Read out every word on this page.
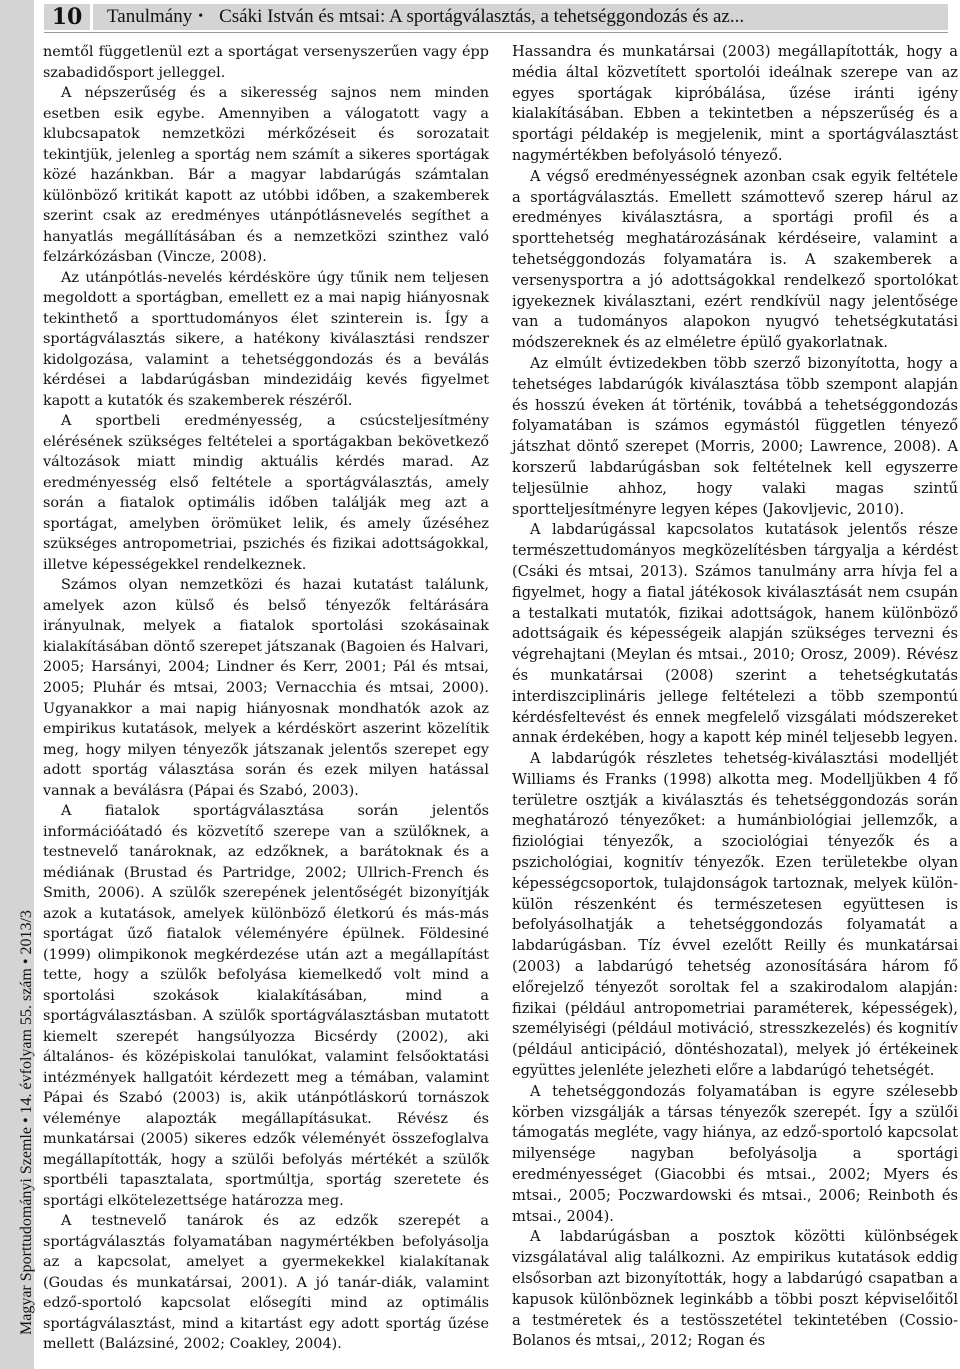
Magyar Sporttudományi Szemle • 14. évfolyam 55. szám • 2013/3
10	Tanulmány • Csáki István és mtsai: A sportágválasztás, a tehetséggondozás és az...

nemtől függetlenül ezt a sportágat versenyszerűen vagy épp szabadidősport jelleggel.

A népszerűség és a sikeresség sajnos nem minden esetben esik egybe. Amennyiben a válogatott vagy a klubcsapatok nemzetközi mérkőzéseit és sorozatait tekintjük, jelenleg a sportág nem számít a sikeres sportágak közé hazánkban. Bár a magyar labdarúgás számtalan különböző kritikát kapott az utóbbi időben, a szakemberek szerint csak az eredményes utánpótlásnevelés segíthet a hanyatlás megállításában és a nemzetközi szinthez való felzárkózásban (Vincze, 2008).

Az utánpótlás-nevelés kérdésköre úgy tűnik nem teljesen megoldott a sportágban, emellett ez a mai napig hiányosnak tekinthető a sporttudományos élet szinterein is. Így a sportágválasztás sikere, a hatékony kiválasztási rendszer kidolgozása, valamint a tehetséggondozás és a beválás kérdései a labdarúgásban mindezidáig kevés figyelmet kapott a kutatók és szakemberek részéről.

A sportbeli eredményesség, a csúcsteljesítmény elérésének szükséges feltételei a sportágakban bekövetkező változások miatt mindig aktuális kérdés marad. Az eredményesség első feltétele a sportágválasztás, amely során a fiatalok optimális időben találják meg azt a sportágat, amelyben örömüket lelik, és amely űzéséhez szükséges antropometriai, pszichés és fizikai adottságokkal, illetve képességekkel rendelkeznek.

Számos olyan nemzetközi és hazai kutatást találunk, amelyek azon külső és belső tényezők feltárására irányulnak, melyek a fiatalok sportolási szokásainak kialakításában döntő szerepet játszanak (Bagoien és Halvari, 2005; Harsányi, 2004; Lindner és Kerr, 2001; Pál és mtsai, 2005; Pluhár és mtsai, 2003; Vernacchia és mtsai, 2000). Ugyanakkor a mai napig hiányosnak mondhatók azok az empirikus kutatások, melyek a kérdéskört aszerint közelítik meg, hogy milyen tényezők játszanak jelentős szerepet egy adott sportág választása során és ezek milyen hatással vannak a beválásra (Pápai és Szabó, 2003).

A fiatalok sportágválasztása során jelentős információátadó és közvetítő szerepe van a szülőknek, a testnevelő tanároknak, az edzőknek, a barátoknak és a médiának (Brustad és Partridge, 2002; Ullrich-French és Smith, 2006). A szülők szerepének jelentőségét bizonyítják azok a kutatások, amelyek különböző életkorú és más-más sportágat űző fiatalok véleményére épülnek. Földesiné (1999) olimpikonok megkérdezése után azt a megállapítást tette, hogy a szülők befolyása kiemelkedő volt mind a sportolási szokások kialakításában, mind a sportágválasztásban. A szülők sportágválasztásban mutatott kiemelt szerepét hangsúlyozza Bicsérdy (2002), aki általános- és középiskolai tanulókat, valamint felsőoktatási intézmények hallgatóit kérdezett meg a témában, valamint Pápai és Szabó (2003) is, akik utánpótláskorú tornászok véleménye alapozták megállapításukat. Révész és munkatársai (2005) sikeres edzők véleményét összefoglalva megállapították, hogy a szülői befolyás mértékét a szülők sportbéli tapasztalata, sportmúltja, sportág szeretete és sportági elkötelezettsége határozza meg.

A testnevelő tanárok és az edzők szerepét a sportágválasztás folyamatában nagymértékben befolyásolja az a kapcsolat, amelyet a gyermekekkel kialakítanak (Goudas és munkatársai, 2001). A jó tanár-diák, valamint edző-sportoló kapcsolat elősegíti mind az optimális sportágválasztást, mind a kitartást egy adott sportág űzése mellett (Balázsiné, 2002; Coakley, 2004).

Hassandra és munkatársai (2003) megállapították, hogy a média által közvetített sportolói ideálnak szerepe van az egyes sportágak kipróbálása, űzése iránti igény kialakításában. Ebben a tekintetben a népszerűség és a sportági példakép is megjelenik, mint a sportágválasztást nagymértékben befolyásoló tényező.

A végső eredményességnek azonban csak egyik feltétele a sportágválasztás. Emellett számottevő szerep hárul az eredményes kiválasztásra, a sportági profil és a sporttehetség meghatározásának kérdéseire, valamint a tehetséggondozás folyamatára is. A szakemberek a versenysportra a jó adottságokkal rendelkező sportolókat igyekeznek kiválasztani, ezért rendkívül nagy jelentősége van a tudományos alapokon nyugvó tehetségkutatási módszereknek és az elméletre épülő gyakorlatnak.

Az elmúlt évtizedekben több szerző bizonyította, hogy a tehetséges labdarúgók kiválasztása több szempont alapján és hosszú éveken át történik, továbbá a tehetséggondozás folyamatában is számos egymástól független tényező játszhat döntő szerepet (Morris, 2000; Lawrence, 2008). A korszerű labdarúgásban sok feltételnek kell egyszerre teljesülnie ahhoz, hogy valaki magas szintű sportteljesítményre legyen képes (Jakovljevic, 2010).

A labdarúgással kapcsolatos kutatások jelentős része természettudományos megközelítésben tárgyalja a kérdést (Csáki és mtsai, 2013). Számos tanulmány arra hívja fel a figyelmet, hogy a fiatal játékosok kiválasztását nem csupán a testalkati mutatók, fizikai adottságok, hanem különböző adottságaik és képességeik alapján szükséges tervezni és végrehajtani (Meylan és mtsai., 2010; Orosz, 2009). Révész és munkatársai (2008) szerint a tehetségkutatás interdiszciplináris jellege feltételezi a több szempontú kérdésfeltevést és ennek megfelelő vizsgálati módszereket annak érdekében, hogy a kapott kép minél teljesebb legyen.

A labdarúgók részletes tehetség-kiválasztási modelljét Williams és Franks (1998) alkotta meg. Modelljükben 4 fő területre osztják a kiválasztás és tehetséggondozás során meghatározó tényezőket: a humánbiológiai jellemzők, a fiziológiai tényezők, a szociológiai tényezők és a pszichológiai, kognitív tényezők. Ezen területekbe olyan képességcsoportok, tulajdonságok tartoznak, melyek külön-külön részenként és természetesen együttesen is befolyásolhatják a tehetséggondozás folyamatát a labdarúgásban. Tíz évvel ezelőtt Reilly és munkatársai (2003) a labdarúgó tehetség azonosítására három fő előrejelző tényezőt soroltak fel a szakirodalom alapján: fizikai (például antropometriai paraméterek, képességek), személyiségi (például motiváció, stresszkezelés) és kognitív (például anticipáció, döntéshozatal), melyek jó értékeinek együttes jelenléte jelezheti előre a labdarúgó tehetségét.

A tehetséggondozás folyamatában is egyre szélesebb körben vizsgálják a társas tényezők szerepét. Így a szülői támogatás megléte, vagy hiánya, az edző-sportoló kapcsolat milyensége nagyban befolyásolja a sportági eredményességet (Giacobbi és mtsai., 2002; Myers és mtsai., 2005; Poczwardowski és mtsai., 2006; Reinboth és mtsai., 2004).

A labdarúgásban a posztok közötti különbségek vizsgálatával alig találkozni. Az empirikus kutatások eddig elsősorban azt bizonyították, hogy a labdarúgó csapatban a kapusok különböznek leginkább a többi poszt képviselőitől a testméretek és a testösszetétel tekintetében (Cossio-Bolanos és mtsai,, 2012; Rogan és
